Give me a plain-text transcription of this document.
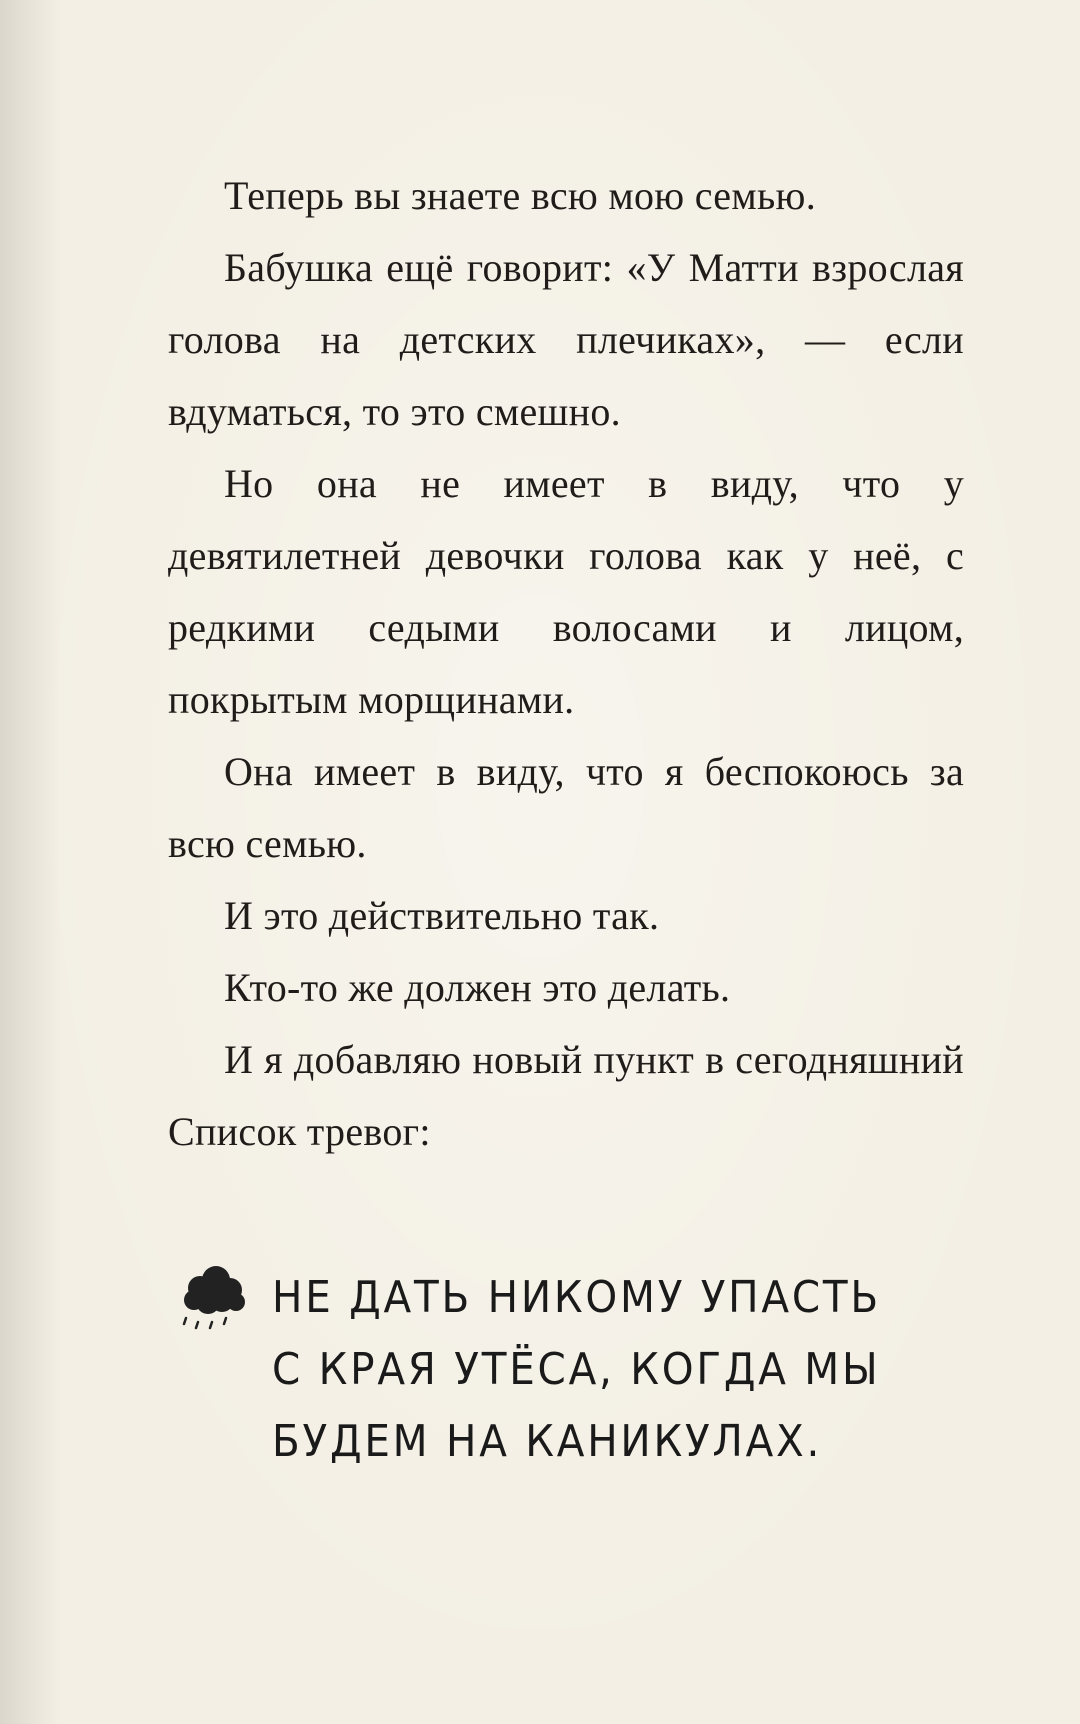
Теперь вы знаете всю мою семью.

Бабушка ещё говорит: «У Матти взрослая голова на детских плечиках», — если вдуматься, то это смешно.

Но она не имеет в виду, что у девятилетней девочки голова как у неё, с редкими седыми волосами и лицом, покрытым морщинами.

Она имеет в виду, что я беспокоюсь за всю семью.

И это действительно так.

Кто-то же должен это делать.

И я добавляю новый пункт в сегодняшний Список тревог:

НЕ ДАТЬ НИКОМУ УПАСТЬ
С КРАЯ УТЁСА, КОГДА МЫ
БУДЕМ НА КАНИКУЛАХ.
